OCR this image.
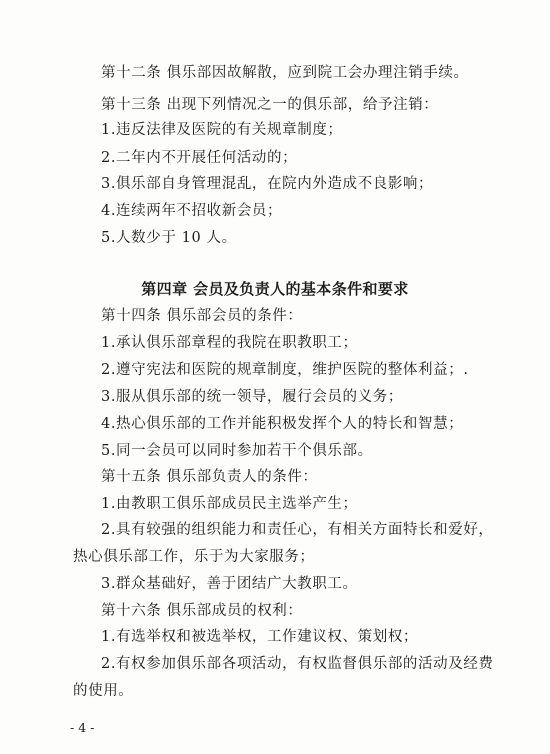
第十二条 俱乐部因故解散，应到院工会办理注销手续。
第十三条 出现下列情况之一的俱乐部，给予注销：
1.违反法律及医院的有关规章制度；
2.二年内不开展任何活动的；
3.俱乐部自身管理混乱，在院内外造成不良影响；
4.连续两年不招收新会员；
5.人数少于 10 人。
第四章 会员及负责人的基本条件和要求
第十四条 俱乐部会员的条件：
1.承认俱乐部章程的我院在职教职工；
2.遵守宪法和医院的规章制度，维护医院的整体利益；.
3.服从俱乐部的统一领导，履行会员的义务；
4.热心俱乐部的工作并能积极发挥个人的特长和智慧；
5.同一会员可以同时参加若干个俱乐部。
第十五条 俱乐部负责人的条件：
1.由教职工俱乐部成员民主选举产生；
2.具有较强的组织能力和责任心，有相关方面特长和爱好，
热心俱乐部工作，乐于为大家服务；
3.群众基础好，善于团结广大教职工。
第十六条 俱乐部成员的权利：
1.有选举权和被选举权，工作建议权、策划权；
2.有权参加俱乐部各项活动，有权监督俱乐部的活动及经费
的使用。
- 4 -
